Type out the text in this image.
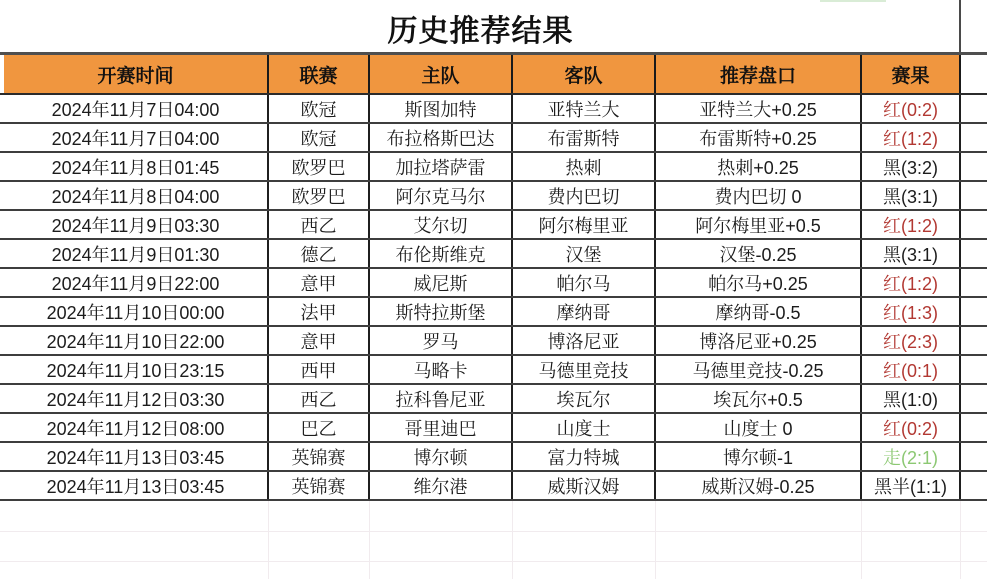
历史推荐结果
开赛时间	联赛	主队	客队	推荐盘口	赛果
2024年11月7日04:00	欧冠	斯图加特	亚特兰大	亚特兰大+0.25	红(0:2)
2024年11月7日04:00	欧冠	布拉格斯巴达	布雷斯特	布雷斯特+0.25	红(1:2)
2024年11月8日01:45	欧罗巴	加拉塔萨雷	热刺	热刺+0.25	黑(3:2)
2024年11月8日04:00	欧罗巴	阿尔克马尔	费内巴切	费内巴切 0	黑(3:1)
2024年11月9日03:30	西乙	艾尔切	阿尔梅里亚	阿尔梅里亚+0.5	红(1:2)
2024年11月9日01:30	德乙	布伦斯维克	汉堡	汉堡-0.25	黑(3:1)
2024年11月9日22:00	意甲	威尼斯	帕尔马	帕尔马+0.25	红(1:2)
2024年11月10日00:00	法甲	斯特拉斯堡	摩纳哥	摩纳哥-0.5	红(1:3)
2024年11月10日22:00	意甲	罗马	博洛尼亚	博洛尼亚+0.25	红(2:3)
2024年11月10日23:15	西甲	马略卡	马德里竞技	马德里竞技-0.25	红(0:1)
2024年11月12日03:30	西乙	拉科鲁尼亚	埃瓦尔	埃瓦尔+0.5	黑(1:0)
2024年11月12日08:00	巴乙	哥里迪巴	山度士	山度士 0	红(0:2)
2024年11月13日03:45	英锦赛	博尔顿	富力特城	博尔顿-1	走(2:1)
2024年11月13日03:45	英锦赛	维尔港	威斯汉姆	威斯汉姆-0.25	黑半(1:1)
